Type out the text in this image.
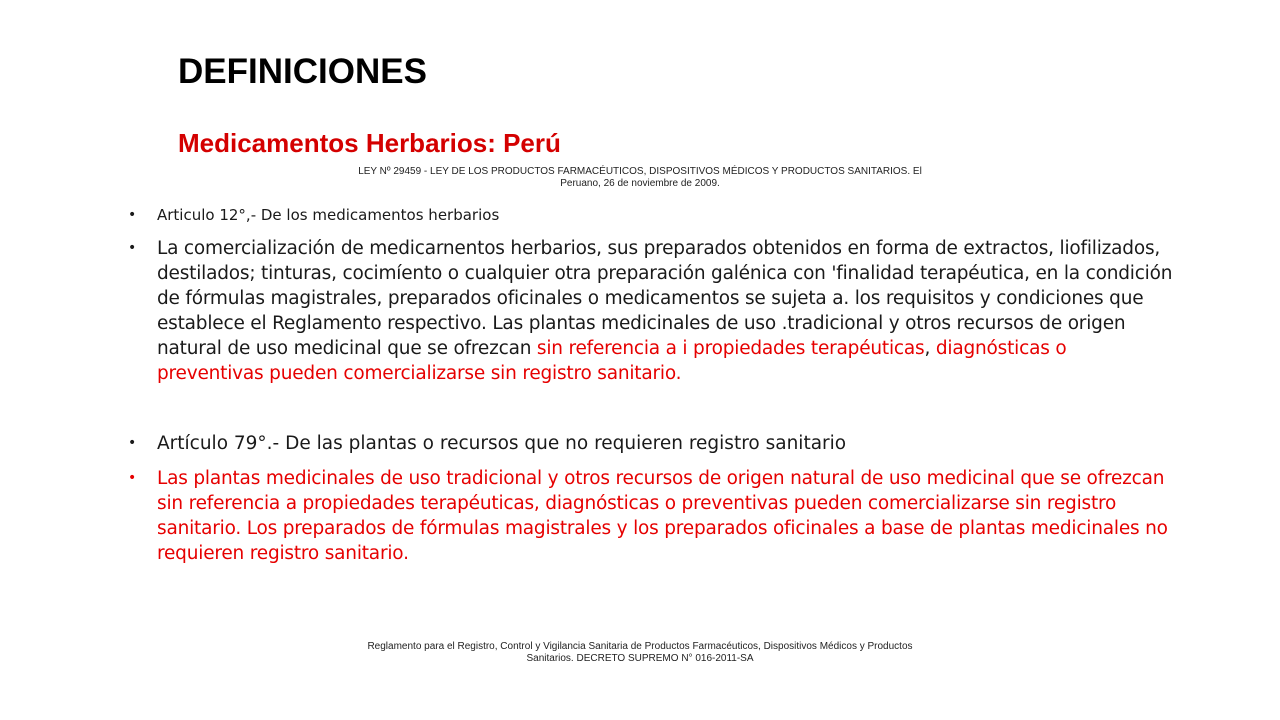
DEFINICIONES
Medicamentos Herbarios: Perú
LEY Nº 29459 - LEY DE LOS PRODUCTOS FARMACÉUTICOS, DISPOSITIVOS MÉDICOS Y PRODUCTOS SANITARIOS. El
Peruano, 26 de noviembre de 2009.
• Articulo 12°,- De los medicamentos herbarios
• La comercialización de medicarnentos herbarios, sus preparados obtenidos en forma de extractos, liofilizados, destilados; tinturas, cocimíento o cualquier otra preparación galénica con 'finalidad terapéutica, en la condición de fórmulas magistrales, preparados oficinales o medicamentos se sujeta a. los requisitos y condiciones que establece el Reglamento respectivo. Las plantas medicinales de uso .tradicional y otros recursos de origen natural de uso medicinal que se ofrezcan sin referencia a i propiedades terapéuticas, diagnósticas o preventivas pueden comercializarse sin registro sanitario.
• Artículo 79°.- De las plantas o recursos que no requieren registro sanitario
• Las plantas medicinales de uso tradicional y otros recursos de origen natural de uso medicinal que se ofrezcan sin referencia a propiedades terapéuticas, diagnósticas o preventivas pueden comercializarse sin registro sanitario. Los preparados de fórmulas magistrales y los preparados oficinales a base de plantas medicinales no requieren registro sanitario.
Reglamento para el Registro, Control y Vigilancia Sanitaria de Productos Farmacéuticos, Dispositivos Médicos y Productos
Sanitarios. DECRETO SUPREMO N° 016-2011-SA
